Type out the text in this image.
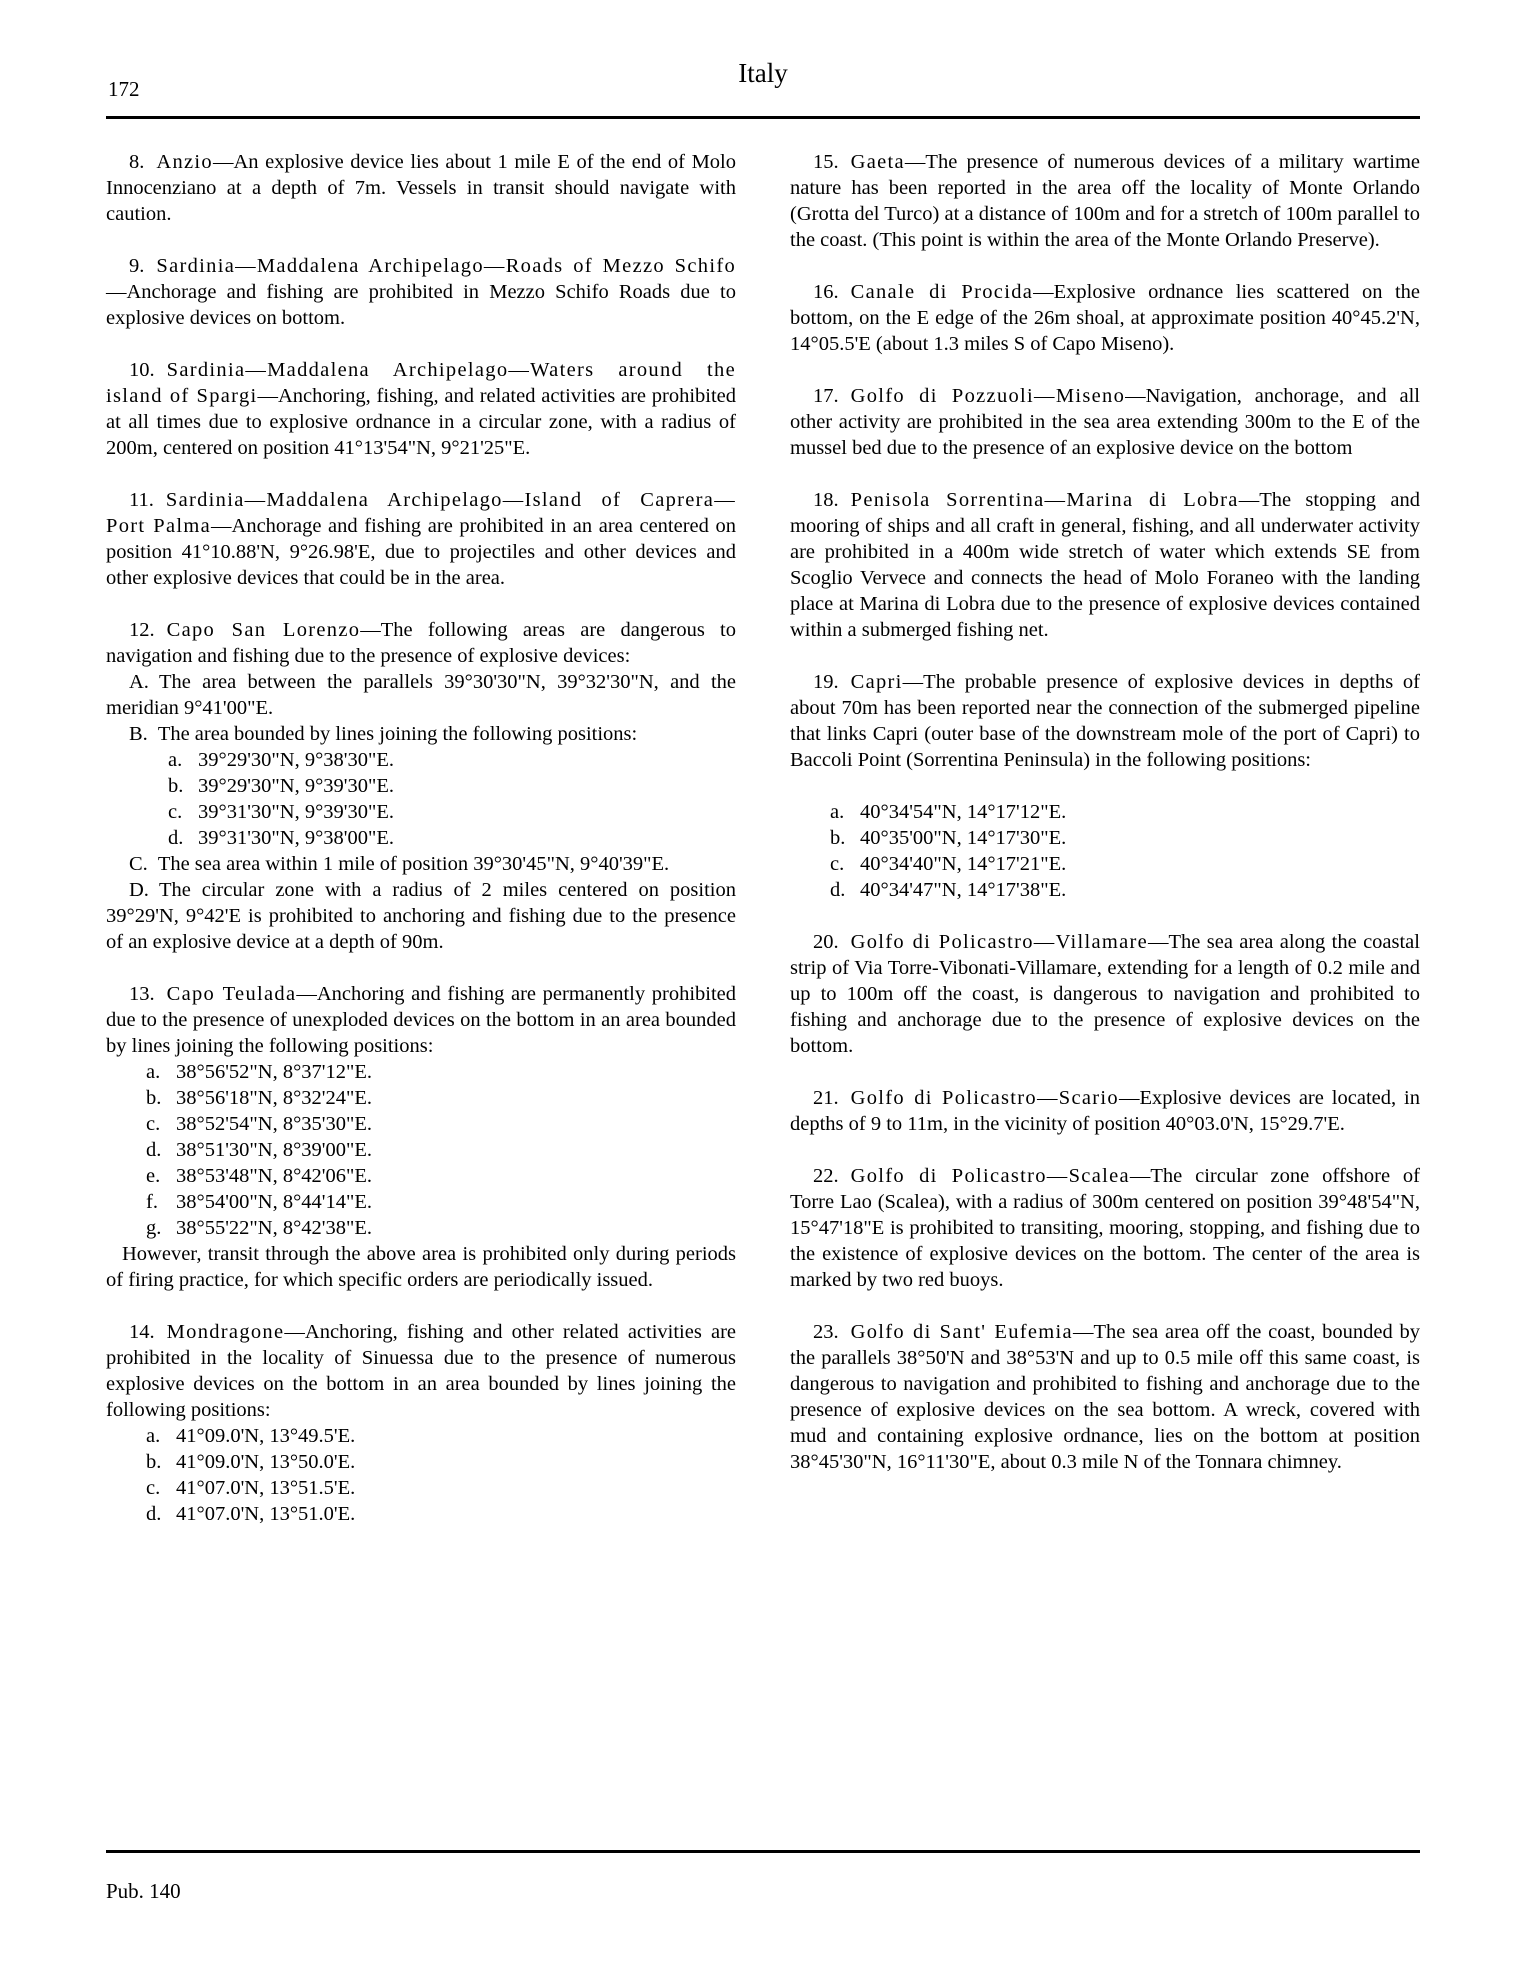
172
Italy

8. Anzio—An explosive device lies about 1 mile E of the end of Molo Innocenziano at a depth of 7m. Vessels in transit should navigate with caution.

9. Sardinia—Maddalena Archipelago—Roads of Mezzo Schifo—Anchorage and fishing are prohibited in Mezzo Schifo Roads due to explosive devices on bottom.

10. Sardinia—Maddalena Archipelago—Waters around the island of Spargi—Anchoring, fishing, and related activities are prohibited at all times due to explosive ordnance in a circular zone, with a radius of 200m, centered on position 41°13'54"N, 9°21'25"E.

11. Sardinia—Maddalena Archipelago—Island of Caprera—Port Palma—Anchorage and fishing are prohibited in an area centered on position 41°10.88'N, 9°26.98'E, due to projectiles and other devices and other explosive devices that could be in the area.

12. Capo San Lorenzo—The following areas are dangerous to navigation and fishing due to the presence of explosive devices:

A. The area between the parallels 39°30'30"N, 39°32'30"N, and the meridian 9°41'00"E.

B. The area bounded by lines joining the following positions:

a. 39°29'30"N, 9°38'30"E.
b. 39°29'30"N, 9°39'30"E.
c. 39°31'30"N, 9°39'30"E.
d. 39°31'30"N, 9°38'00"E.

C. The sea area within 1 mile of position 39°30'45"N, 9°40'39"E.

D. The circular zone with a radius of 2 miles centered on position 39°29'N, 9°42'E is prohibited to anchoring and fishing due to the presence of an explosive device at a depth of 90m.

13. Capo Teulada—Anchoring and fishing are permanently prohibited due to the presence of unexploded devices on the bottom in an area bounded by lines joining the following positions:

a. 38°56'52"N, 8°37'12"E.
b. 38°56'18"N, 8°32'24"E.
c. 38°52'54"N, 8°35'30"E.
d. 38°51'30"N, 8°39'00"E.
e. 38°53'48"N, 8°42'06"E.
f. 38°54'00"N, 8°44'14"E.
g. 38°55'22"N, 8°42'38"E.

However, transit through the above area is prohibited only during periods of firing practice, for which specific orders are periodically issued.

14. Mondragone—Anchoring, fishing and other related activities are prohibited in the locality of Sinuessa due to the presence of numerous explosive devices on the bottom in an area bounded by lines joining the following positions:

a. 41°09.0'N, 13°49.5'E.
b. 41°09.0'N, 13°50.0'E.
c. 41°07.0'N, 13°51.5'E.
d. 41°07.0'N, 13°51.0'E.

15. Gaeta—The presence of numerous devices of a military wartime nature has been reported in the area off the locality of Monte Orlando (Grotta del Turco) at a distance of 100m and for a stretch of 100m parallel to the coast. (This point is within the area of the Monte Orlando Preserve).

16. Canale di Procida—Explosive ordnance lies scattered on the bottom, on the E edge of the 26m shoal, at approximate position 40°45.2'N, 14°05.5'E (about 1.3 miles S of Capo Miseno).

17. Golfo di Pozzuoli—Miseno—Navigation, anchorage, and all other activity are prohibited in the sea area extending 300m to the E of the mussel bed due to the presence of an explosive device on the bottom

18. Penisola Sorrentina—Marina di Lobra—The stopping and mooring of ships and all craft in general, fishing, and all underwater activity are prohibited in a 400m wide stretch of water which extends SE from Scoglio Vervece and connects the head of Molo Foraneo with the landing place at Marina di Lobra due to the presence of explosive devices contained within a submerged fishing net.

19. Capri—The probable presence of explosive devices in depths of about 70m has been reported near the connection of the submerged pipeline that links Capri (outer base of the downstream mole of the port of Capri) to Baccoli Point (Sorrentina Peninsula) in the following positions:

a. 40°34'54"N, 14°17'12"E.
b. 40°35'00"N, 14°17'30"E.
c. 40°34'40"N, 14°17'21"E.
d. 40°34'47"N, 14°17'38"E.

20. Golfo di Policastro—Villamare—The sea area along the coastal strip of Via Torre-Vibonati-Villamare, extending for a length of 0.2 mile and up to 100m off the coast, is dangerous to navigation and prohibited to fishing and anchorage due to the presence of explosive devices on the bottom.

21. Golfo di Policastro—Scario—Explosive devices are located, in depths of 9 to 11m, in the vicinity of position 40°03.0'N, 15°29.7'E.

22. Golfo di Policastro—Scalea—The circular zone offshore of Torre Lao (Scalea), with a radius of 300m centered on position 39°48'54"N, 15°47'18"E is prohibited to transiting, mooring, stopping, and fishing due to the existence of explosive devices on the bottom. The center of the area is marked by two red buoys.

23. Golfo di Sant' Eufemia—The sea area off the coast, bounded by the parallels 38°50'N and 38°53'N and up to 0.5 mile off this same coast, is dangerous to navigation and prohibited to fishing and anchorage due to the presence of explosive devices on the sea bottom. A wreck, covered with mud and containing explosive ordnance, lies on the bottom at position 38°45'30"N, 16°11'30"E, about 0.3 mile N of the Tonnara chimney.

Pub. 140
